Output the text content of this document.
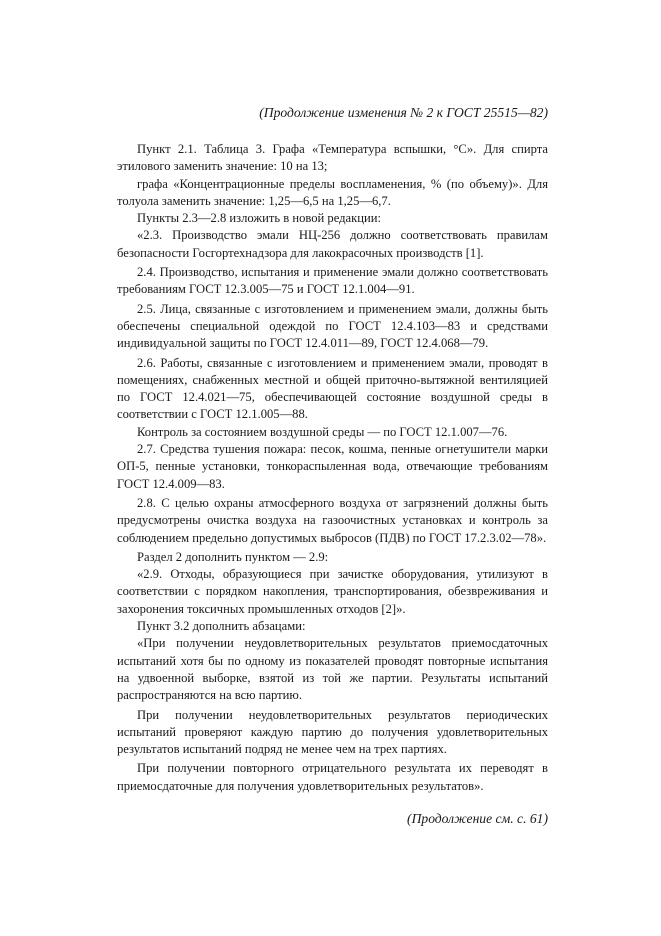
(Продолжение изменения № 2 к ГОСТ 25515—82)

Пункт 2.1. Таблица 3. Графа «Температура вспышки, °С». Для спирта этилового заменить значение: 10 на 13;

графа «Концентрационные пределы воспламенения, % (по объему)». Для толуола заменить значение: 1,25—6,5 на 1,25—6,7.

Пункты 2.3—2.8 изложить в новой редакции:

«2.3. Производство эмали НЦ-256 должно соответствовать правилам безопасности Госгортехнадзора для лакокрасочных производств [1].

2.4. Производство, испытания и применение эмали должно соответствовать требованиям ГОСТ 12.3.005—75 и ГОСТ 12.1.004—91.

2.5. Лица, связанные с изготовлением и применением эмали, должны быть обеспечены специальной одеждой по ГОСТ 12.4.103—83 и средствами индивидуальной защиты по ГОСТ 12.4.011—89, ГОСТ 12.4.068—79.

2.6. Работы, связанные с изготовлением и применением эмали, проводят в помещениях, снабженных местной и общей приточно-вытяжной вентиляцией по ГОСТ 12.4.021—75, обеспечивающей состояние воздушной среды в соответствии с ГОСТ 12.1.005—88.

Контроль за состоянием воздушной среды — по ГОСТ 12.1.007—76.

2.7. Средства тушения пожара: песок, кошма, пенные огнетушители марки ОП-5, пенные установки, тонкораспыленная вода, отвечающие требованиям ГОСТ 12.4.009—83.

2.8. С целью охраны атмосферного воздуха от загрязнений должны быть предусмотрены очистка воздуха на газоочистных установках и контроль за соблюдением предельно допустимых выбросов (ПДВ) по ГОСТ 17.2.3.02—78».

Раздел 2 дополнить пунктом — 2.9:

«2.9. Отходы, образующиеся при зачистке оборудования, утилизуют в соответствии с порядком накопления, транспортирования, обезвреживания и захоронения токсичных промышленных отходов [2]».

Пункт 3.2 дополнить абзацами:

«При получении неудовлетворительных результатов приемосдаточных испытаний хотя бы по одному из показателей проводят повторные испытания на удвоенной выборке, взятой из той же партии. Результаты испытаний распространяются на всю партию.

При получении неудовлетворительных результатов периодических испытаний проверяют каждую партию до получения удовлетворительных результатов испытаний подряд не менее чем на трех партиях.

При получении повторного отрицательного результата их переводят в приемосдаточные для получения удовлетворительных результатов».

(Продолжение см. с. 61)
